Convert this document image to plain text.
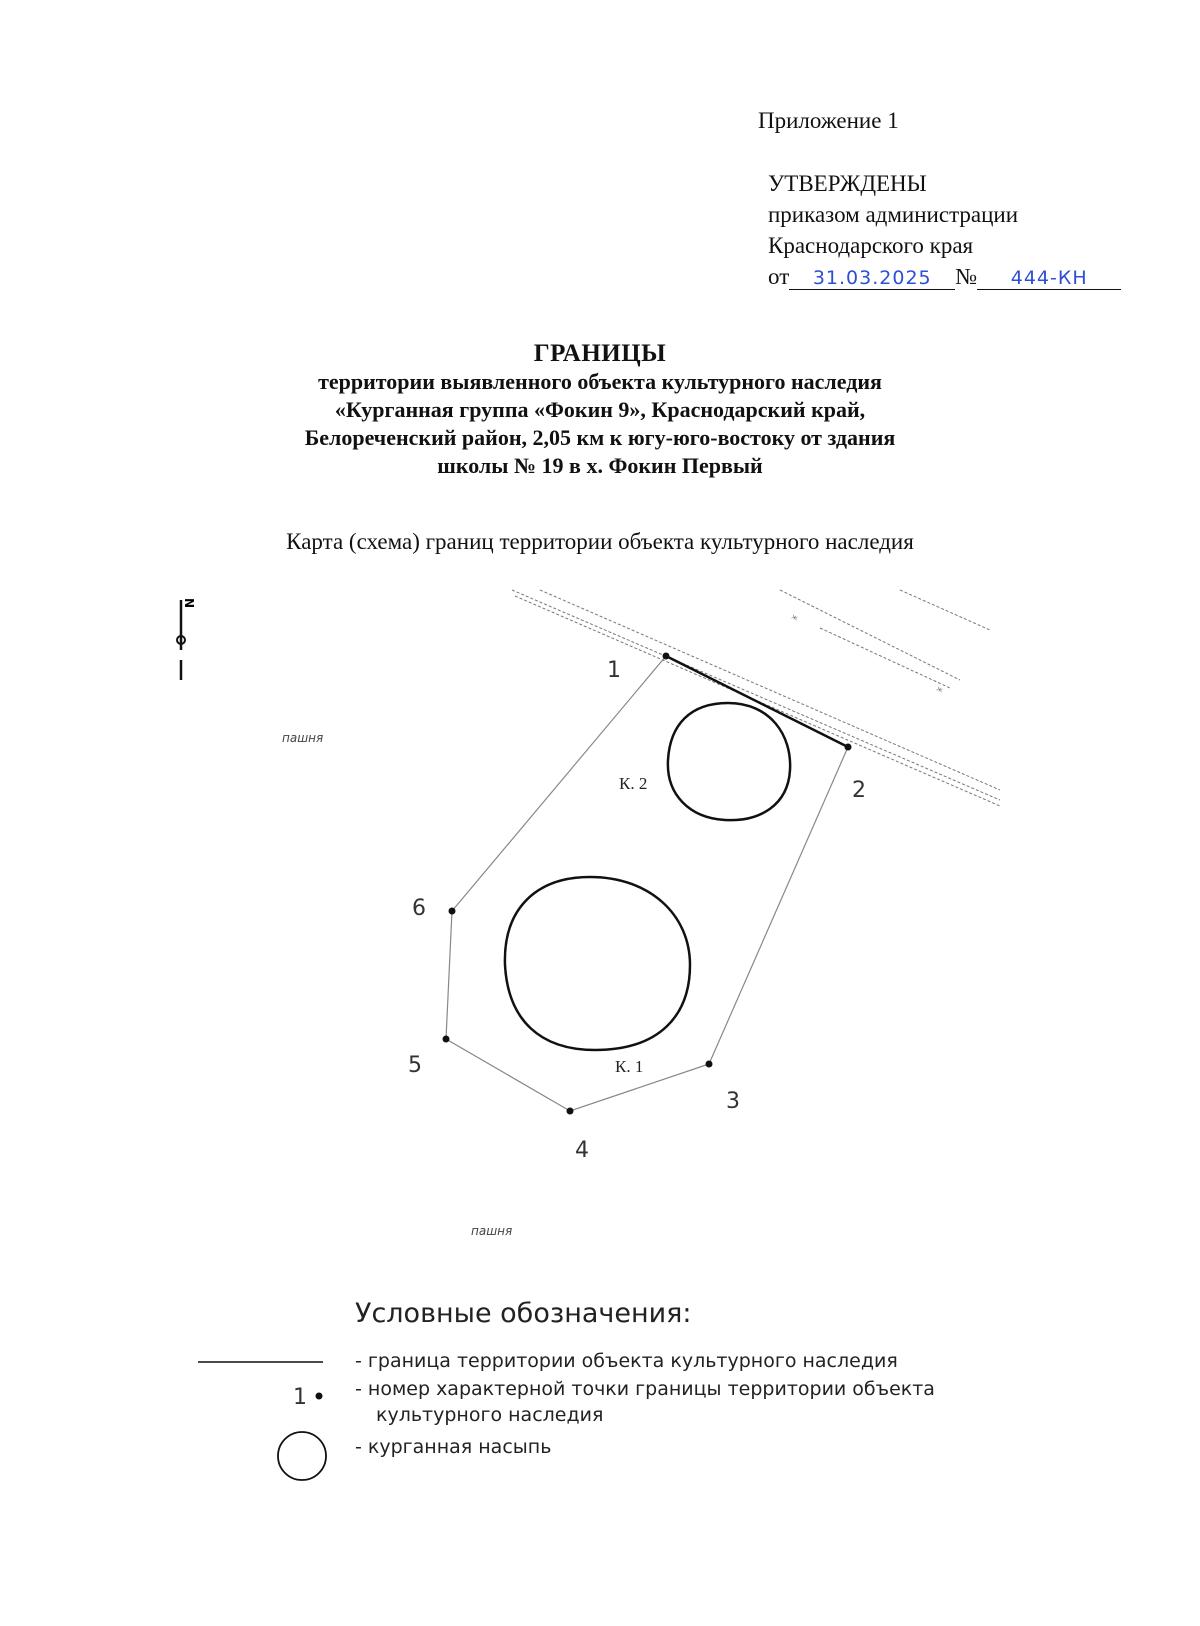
Приложение 1
УТВЕРЖДЕНЫ
приказом администрации
Краснодарского края
от 31.03.2025 № 444-КН
ГРАНИЦЫ
территории выявленного объекта культурного наследия
«Курганная группа «Фокин 9», Краснодарский край,
Белореченский район, 2,05 км к югу-юго-востоку от здания
школы № 19 в х. Фокин Первый
Карта (схема) границ территории объекта культурного наследия
N
ж
ж
1
2
3
4
5
6
К. 1
К. 2
пашня
пашня
1
Условные обозначения:
- граница территории объекта культурного наследия
- номер характерной точки границы территории объекта
культурного наследия
- курганная насыпь
